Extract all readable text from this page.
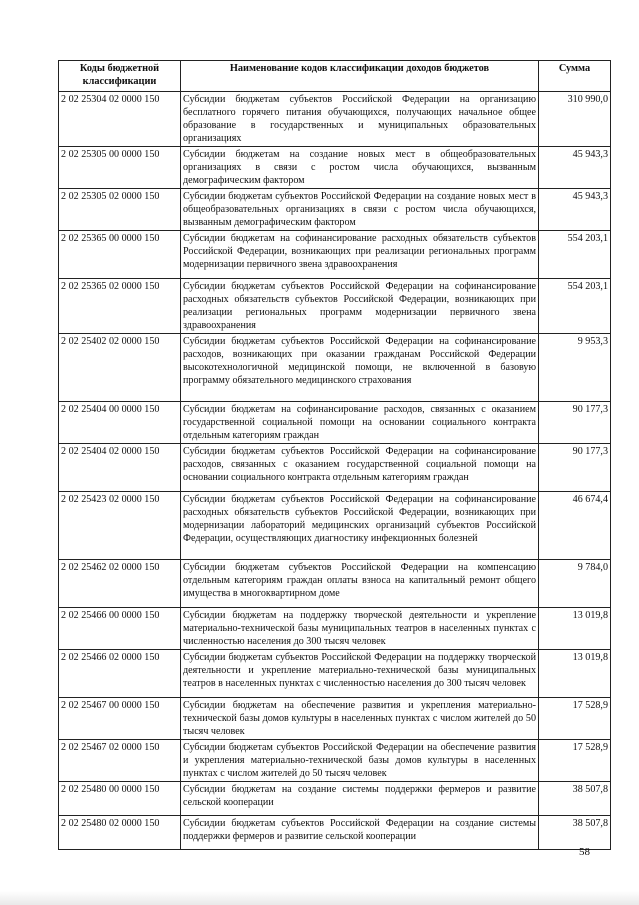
Коды бюджетной классификации	Наименование кодов классификации доходов бюджетов	Сумма
2 02 25304 02 0000 150	Субсидии бюджетам субъектов Российской Федерации на организацию бесплатного горячего питания обучающихся, получающих начальное общее образование в государственных и муниципальных образовательных организациях	310 990,0
2 02 25305 00 0000 150	Субсидии бюджетам на создание новых мест в общеобразовательных организациях в связи с ростом числа обучающихся, вызванным демографическим фактором	45 943,3
2 02 25305 02 0000 150	Субсидии бюджетам субъектов Российской Федерации на создание новых мест в общеобразовательных организациях в связи с ростом числа обучающихся, вызванным демографическим фактором	45 943,3
2 02 25365 00 0000 150	Субсидии бюджетам на софинансирование расходных обязательств субъектов Российской Федерации, возникающих при реализации региональных программ модернизации первичного звена здравоохранения	554 203,1
2 02 25365 02 0000 150	Субсидии бюджетам субъектов Российской Федерации на софинансирование расходных обязательств субъектов Российской Федерации, возникающих при реализации региональных программ модернизации первичного звена здравоохранения	554 203,1
2 02 25402 02 0000 150	Субсидии бюджетам субъектов Российской Федерации на софинансирование расходов, возникающих при оказании гражданам Российской Федерации высокотехнологичной медицинской помощи, не включенной в базовую программу обязательного медицинского страхования	9 953,3
2 02 25404 00 0000 150	Субсидии бюджетам на софинансирование расходов, связанных с оказанием государственной социальной помощи на основании социального контракта отдельным категориям граждан	90 177,3
2 02 25404 02 0000 150	Субсидии бюджетам субъектов Российской Федерации на софинансирование расходов, связанных с оказанием государственной социальной помощи на основании социального контракта отдельным категориям граждан	90 177,3
2 02 25423 02 0000 150	Субсидии бюджетам субъектов Российской Федерации на софинансирование расходных обязательств субъектов Российской Федерации, возникающих при модернизации лабораторий медицинских организаций субъектов Российской Федерации, осуществляющих диагностику инфекционных болезней	46 674,4
2 02 25462 02 0000 150	Субсидии бюджетам субъектов Российской Федерации на компенсацию отдельным категориям граждан оплаты взноса на капитальный ремонт общего имущества в многоквартирном доме	9 784,0
2 02 25466 00 0000 150	Субсидии бюджетам на поддержку творческой деятельности и укрепление материально-технической базы муниципальных театров в населенных пунктах с численностью населения до 300 тысяч человек	13 019,8
2 02 25466 02 0000 150	Субсидии бюджетам субъектов Российской Федерации на поддержку творческой деятельности и укрепление материально-технической базы муниципальных театров в населенных пунктах с численностью населения до 300 тысяч человек	13 019,8
2 02 25467 00 0000 150	Субсидии бюджетам на обеспечение развития и укрепления материально-технической базы домов культуры в населенных пунктах с числом жителей до 50 тысяч человек	17 528,9
2 02 25467 02 0000 150	Субсидии бюджетам субъектов Российской Федерации на обеспечение развития и укрепления материально-технической базы домов культуры в населенных пунктах с числом жителей до 50 тысяч человек	17 528,9
2 02 25480 00 0000 150	Субсидии бюджетам на создание системы поддержки фермеров и развитие сельской кооперации	38 507,8
2 02 25480 02 0000 150	Субсидии бюджетам субъектов Российской Федерации на создание системы поддержки фермеров и развитие сельской кооперации	38 507,8
58
